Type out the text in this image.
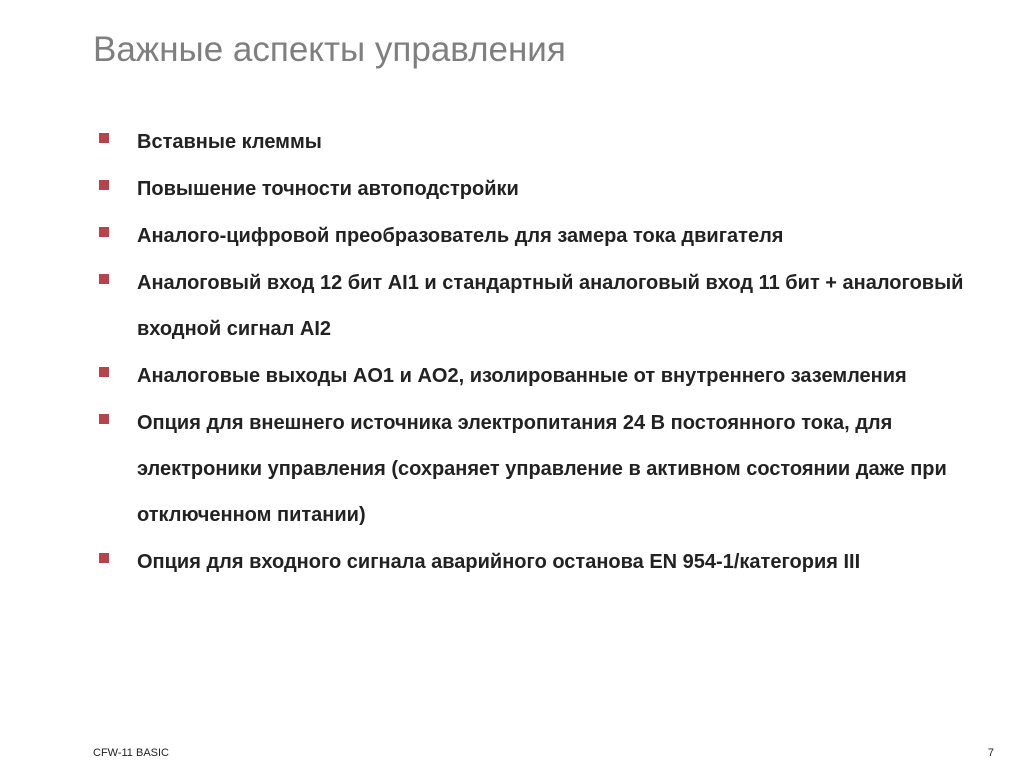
Важные аспекты управления
Вставные клеммы
Повышение точности автоподстройки
Аналого-цифровой преобразователь для замера тока двигателя
Аналоговый вход 12 бит AI1 и стандартный аналоговый вход 11 бит + аналоговый входной сигнал AI2
Аналоговые выходы AO1 и AO2, изолированные от внутреннего заземления
Опция для внешнего источника электропитания 24 В постоянного тока, для электроники управления (сохраняет управление в активном состоянии даже при отключенном питании)
Опция для входного сигнала аварийного останова EN 954-1/категория III
CFW-11 BASIC	7
